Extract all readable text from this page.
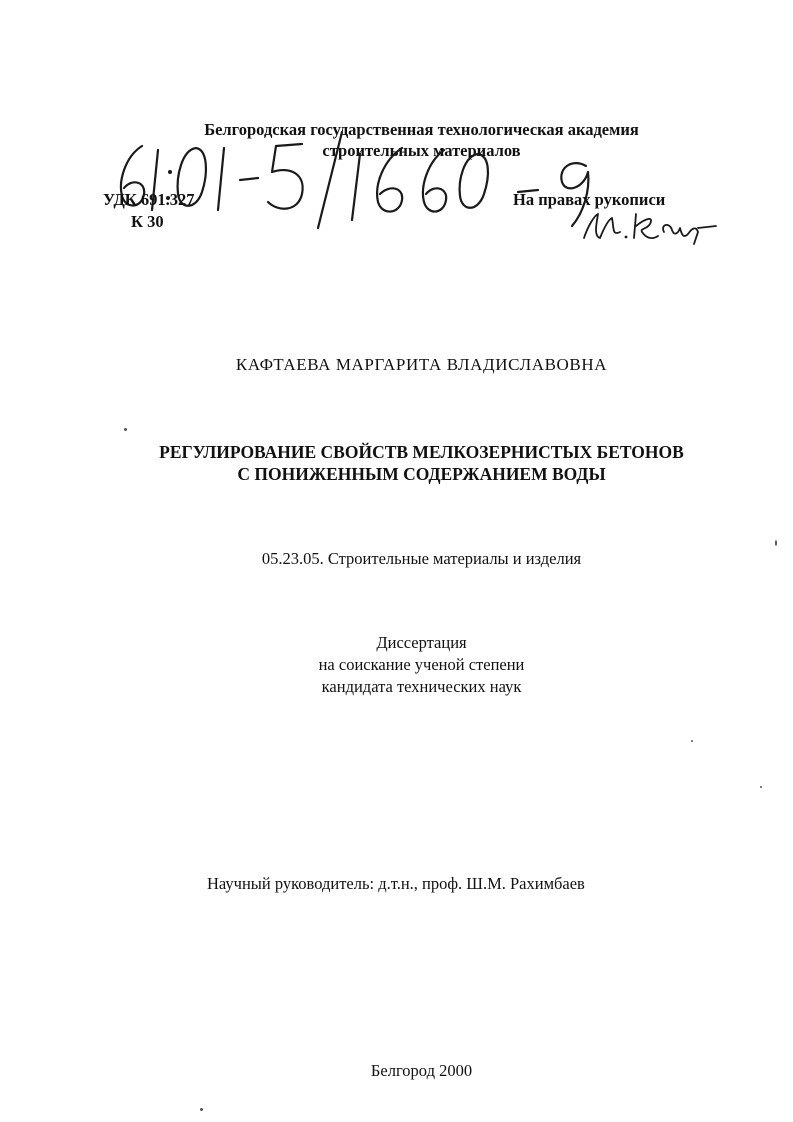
Белгородская государственная технологическая академия

строительных материалов

УДК 691.327

К 30

На правах рукописи

КАФТАЕВА МАРГАРИТА ВЛАДИСЛАВОВНА

РЕГУЛИРОВАНИЕ СВОЙСТВ МЕЛКОЗЕРНИСТЫХ БЕТОНОВ

С ПОНИЖЕННЫМ СОДЕРЖАНИЕМ ВОДЫ

05.23.05. Строительные материалы и изделия

Диссертация

на соискание ученой степени

кандидата технических наук

Научный руководитель: д.т.н., проф. Ш.М. Рахимбаев

Белгород 2000
